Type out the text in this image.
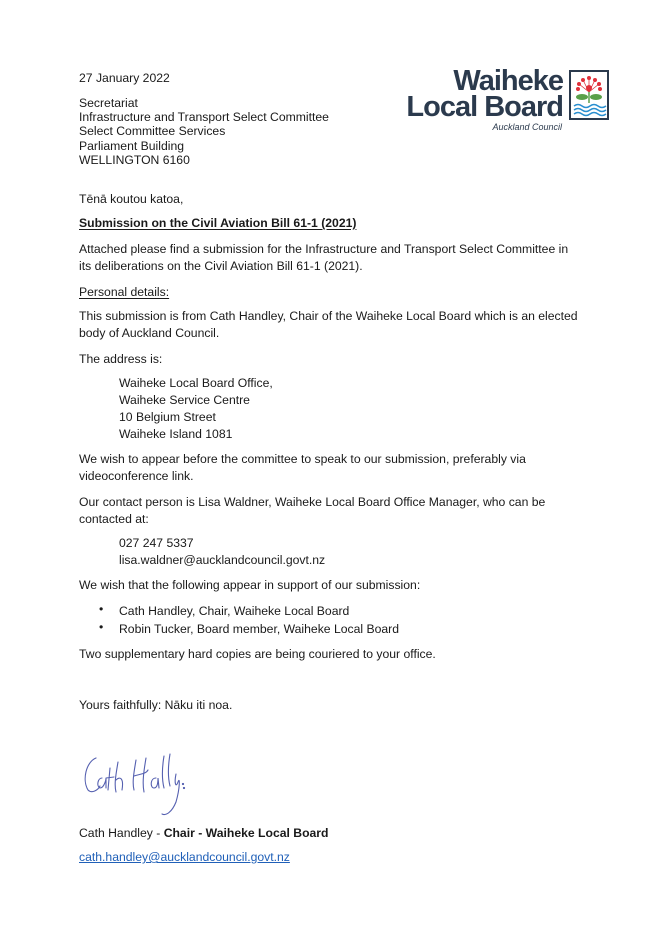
Waiheke
Local Board
Auckland Council
27 January 2022
Secretariat
Infrastructure and Transport Select Committee
Select Committee Services
Parliament Building
WELLINGTON 6160
Tēnā koutou katoa,
Submission on the Civil Aviation Bill 61-1 (2021)
Attached please find a submission for the Infrastructure and Transport Select Committee in
its deliberations on the Civil Aviation Bill 61-1 (2021).
Personal details:
This submission is from Cath Handley, Chair of the Waiheke Local Board which is an elected
body of Auckland Council.
The address is:
Waiheke Local Board Office,
Waiheke Service Centre
10 Belgium Street
Waiheke Island 1081
We wish to appear before the committee to speak to our submission, preferably via
videoconference link.
Our contact person is Lisa Waldner, Waiheke Local Board Office Manager, who can be
contacted at:
027 247 5337
lisa.waldner@aucklandcouncil.govt.nz
We wish that the following appear in support of our submission:
• Cath Handley, Chair, Waiheke Local Board
• Robin Tucker, Board member, Waiheke Local Board
Two supplementary hard copies are being couriered to your office.
Yours faithfully: Nāku iti noa.
Cath Handley - Chair - Waiheke Local Board
cath.handley@aucklandcouncil.govt.nz
